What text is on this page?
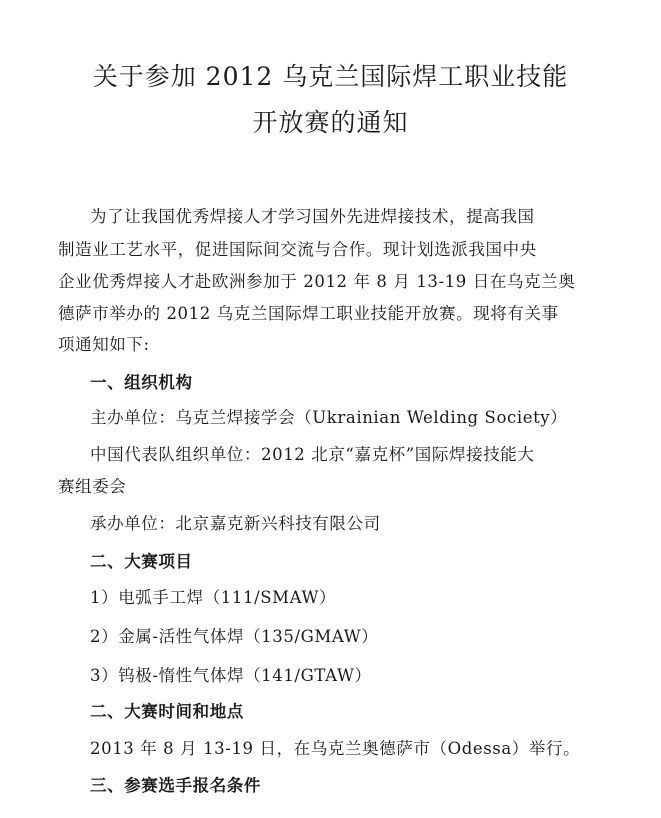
关于参加 2012 乌克兰国际焊工职业技能
开放赛的通知
为了让我国优秀焊接人才学习国外先进焊接技术，提高我国
制造业工艺水平，促进国际间交流与合作。现计划选派我国中央
企业优秀焊接人才赴欧洲参加于 2012 年 8 月 13-19 日在乌克兰奥
德萨市举办的 2012 乌克兰国际焊工职业技能开放赛。现将有关事
项通知如下:
一、组织机构
主办单位：乌克兰焊接学会（Ukrainian Welding Society）
中国代表队组织单位：2012 北京“嘉克杯”国际焊接技能大
赛组委会
承办单位：北京嘉克新兴科技有限公司
二、大赛项目
1）电弧手工焊（111/SMAW）
2）金属-活性气体焊（135/GMAW）
3）钨极-惰性气体焊（141/GTAW）
二、大赛时间和地点
2013 年 8 月 13-19 日，在乌克兰奥德萨市（Odessa）举行。
三、参赛选手报名条件
